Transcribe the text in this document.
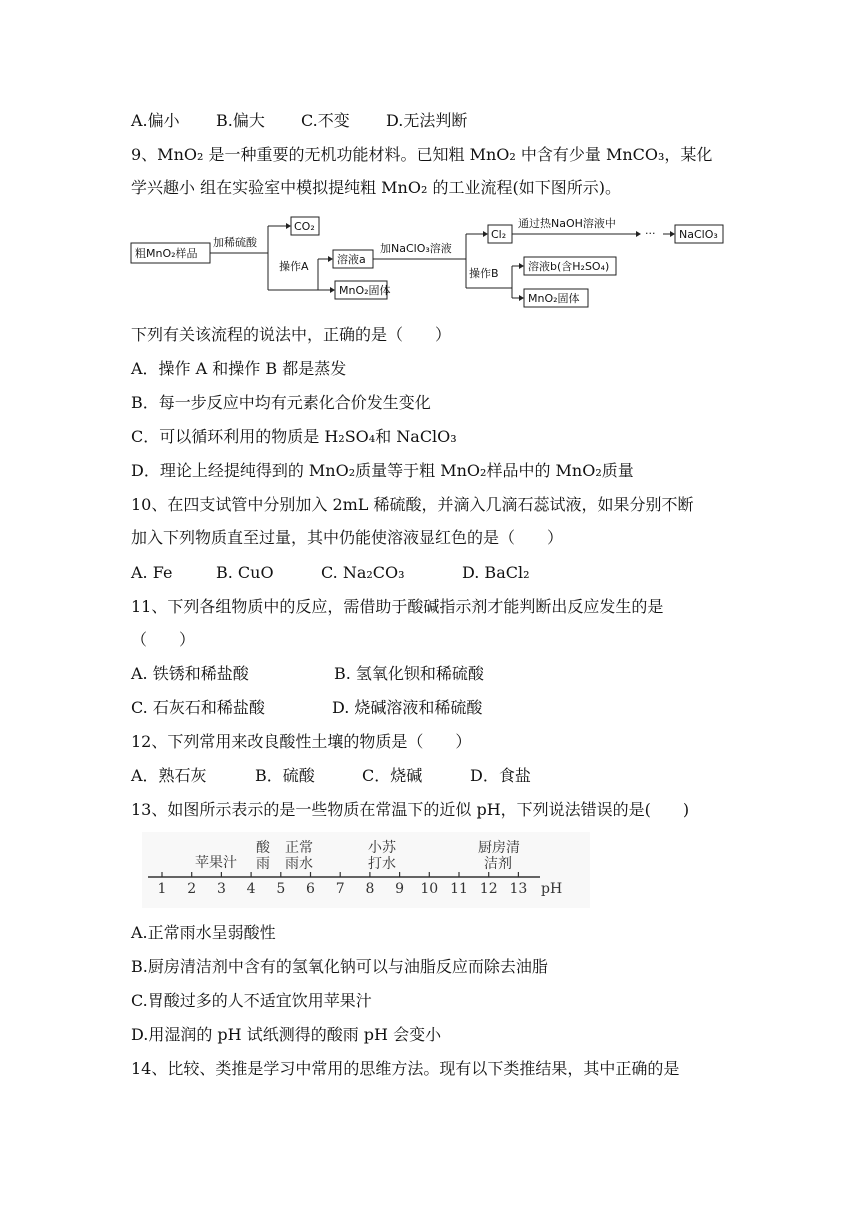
A.偏小 B.偏大 C.不变 D.无法判断
9、MnO₂ 是一种重要的无机功能材料。已知粗 MnO₂ 中含有少量 MnCO₃，某化
学兴趣小 组在实验室中模拟提纯粗 MnO₂ 的工业流程(如下图所示)。
粗MnO₂样品
加稀硫酸
CO₂
操作A
溶液a
MnO₂固体
加NaClO₃溶液
Cl₂
通过热NaOH溶液中
··· NaClO₃
操作B
溶液b(含H₂SO₄)
MnO₂固体
下列有关该流程的说法中，正确的是（　　）
A．操作 A 和操作 B 都是蒸发
B．每一步反应中均有元素化合价发生变化
C．可以循环利用的物质是 H₂SO₄和 NaClO₃
D．理论上经提纯得到的 MnO₂质量等于粗 MnO₂样品中的 MnO₂质量
10、在四支试管中分别加入 2mL 稀硫酸，并滴入几滴石蕊试液，如果分别不断
加入下列物质直至过量，其中仍能使溶液显红色的是（　　）
A. Fe	B. CuO	C. Na₂CO₃	D. BaCl₂
11、下列各组物质中的反应，需借助于酸碱指示剂才能判断出反应发生的是
（　　）
A. 铁锈和稀盐酸	B. 氢氧化钡和稀硫酸
C. 石灰石和稀盐酸	D. 烧碱溶液和稀硫酸
12、下列常用来改良酸性土壤的物质是（　　）
A．熟石灰	B．硫酸	C．烧碱	D．食盐
13、如图所示表示的是一些物质在常温下的近似 pH，下列说法错误的是(　　)
1 2 3 4 5 6 7 8 9 10 11 12 13
苹果汁
酸
雨
正常
雨水
小苏
打水
厨房清
洁剂
pH
A.正常雨水呈弱酸性
B.厨房清洁剂中含有的氢氧化钠可以与油脂反应而除去油脂
C.胃酸过多的人不适宜饮用苹果汁
D.用湿润的 pH 试纸测得的酸雨 pH 会变小
14、比较、类推是学习中常用的思维方法。现有以下类推结果，其中正确的是
